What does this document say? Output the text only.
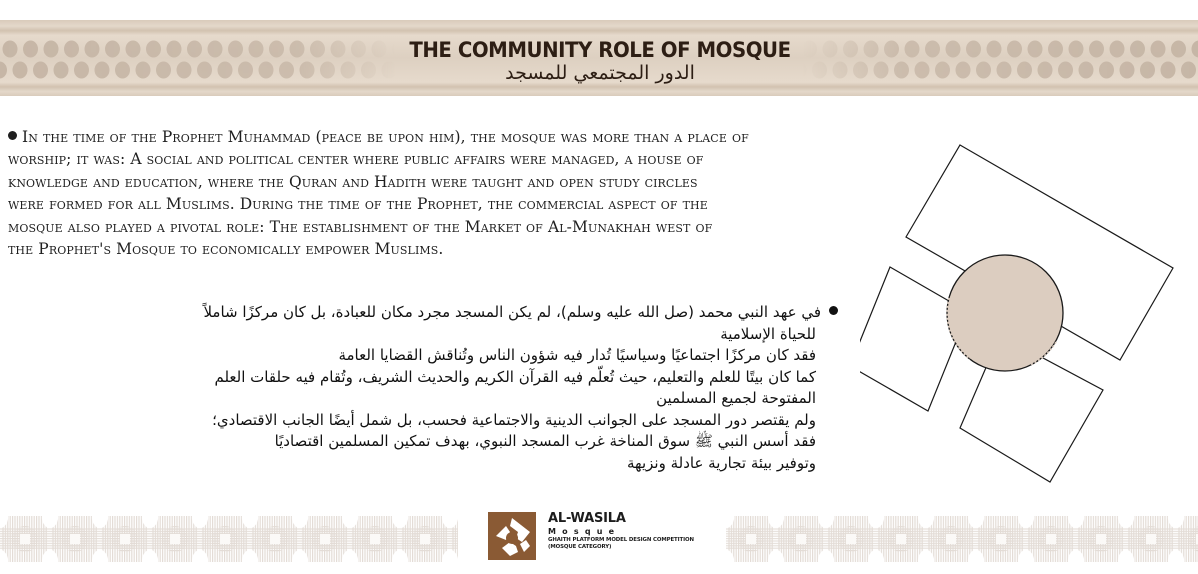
THE COMMUNITY ROLE OF MOSQUE
الدور المجتمعي للمسجد
In the time of the Prophet Muhammad (peace be upon him), the mosque was more than a place of
worship; it was: A social and political center where public affairs were managed, a house of
knowledge and education, where the Quran and Hadith were taught and open study circles
were formed for all Muslims. During the time of the Prophet, the commercial aspect of the
mosque also played a pivotal role: The establishment of the Market of Al-Munakhah west of
the Prophet's Mosque to economically empower Muslims.
في عهد النبي محمد (صل الله عليه وسلم)، لم يكن المسجد مجرد مكان للعبادة، بل كان مركزًا شاملاً
للحياة الإسلامية
فقد كان مركزًا اجتماعيًا وسياسيًا تُدار فيه شؤون الناس وتُناقش القضايا العامة
كما كان بيتًا للعلم والتعليم، حيث تُعلّم فيه القرآن الكريم والحديث الشريف، وتُقام فيه حلقات العلم
المفتوحة لجميع المسلمين
ولم يقتصر دور المسجد على الجوانب الدينية والاجتماعية فحسب، بل شمل أيضًا الجانب الاقتصادي؛
فقد أسس النبي ﷺ سوق المناخة غرب المسجد النبوي، بهدف تمكين المسلمين اقتصاديًا
وتوفير بيئة تجارية عادلة ونزيهة
AL-WASILA
Mosque
GHAITH PLATFORM MODEL DESIGN COMPETITION
(MOSQUE CATEGORY)
